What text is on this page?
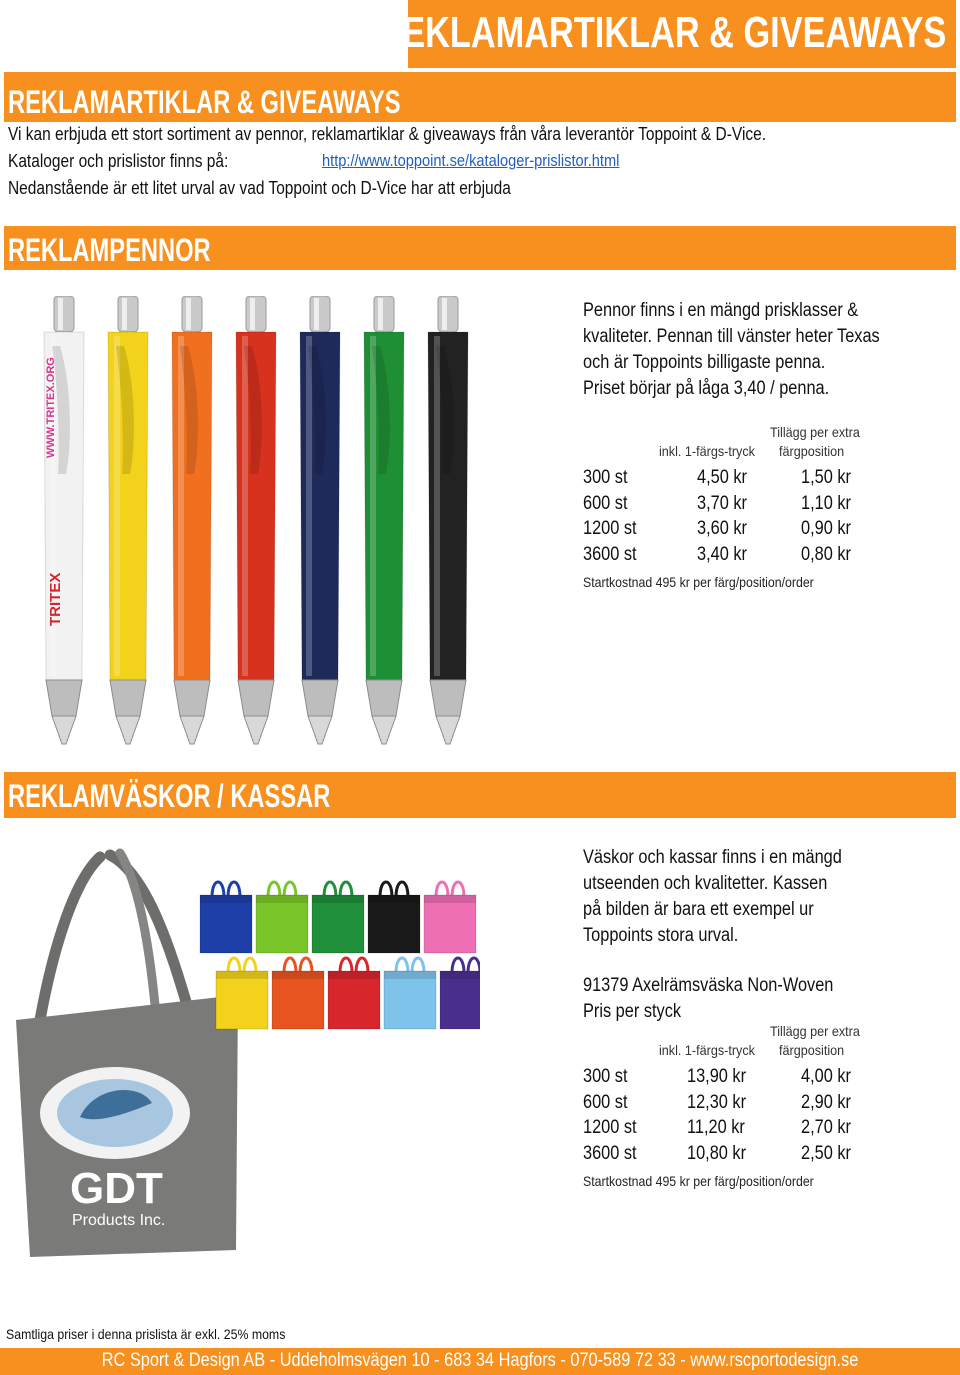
REKLAMARTIKLAR & GIVEAWAYS
REKLAMARTIKLAR & GIVEAWAYS
Vi kan erbjuda ett stort sortiment av pennor, reklamartiklar & giveaways från våra leverantör Toppoint & D-Vice.
Kataloger och prislistor finns på:	http://www.toppoint.se/kataloger-prislistor.html
Nedanstående är ett litet urval av vad Toppoint och D-Vice har att erbjuda
REKLAMPENNOR
WWW.TRITEX.ORG
TRITEX
Pennor finns i en mängd prisklasser &
kvaliteter. Pennan till vänster heter Texas
och är Toppoints billigaste penna.
Priset börjar på låga 3,40 / penna.
Tillägg per extra
inkl. 1-färgs-tryck färgposition
300 st	4,50 kr	1,50 kr
600 st	3,70 kr	1,10 kr
1200 st	3,60 kr	0,90 kr
3600 st	3,40 kr	0,80 kr
Startkostnad 495 kr per färg/position/order
REKLAMVÄSKOR / KASSAR
GDT
Products Inc.
Väskor och kassar finns i en mängd
utseenden och kvalitetter. Kassen
på bilden är bara ett exempel ur
Toppoints stora urval.
91379 Axelrämsväska Non-Woven
Pris per styck
Tillägg per extra
inkl. 1-färgs-tryck färgposition
300 st	13,90 kr	4,00 kr
600 st	12,30 kr	2,90 kr
1200 st	11,20 kr	2,70 kr
3600 st	10,80 kr	2,50 kr
Startkostnad 495 kr per färg/position/order
Samtliga priser i denna prislista är exkl. 25% moms
RC Sport & Design AB - Uddeholmsvägen 10 - 683 34 Hagfors - 070-589 72 33 - www.rscportodesign.se
